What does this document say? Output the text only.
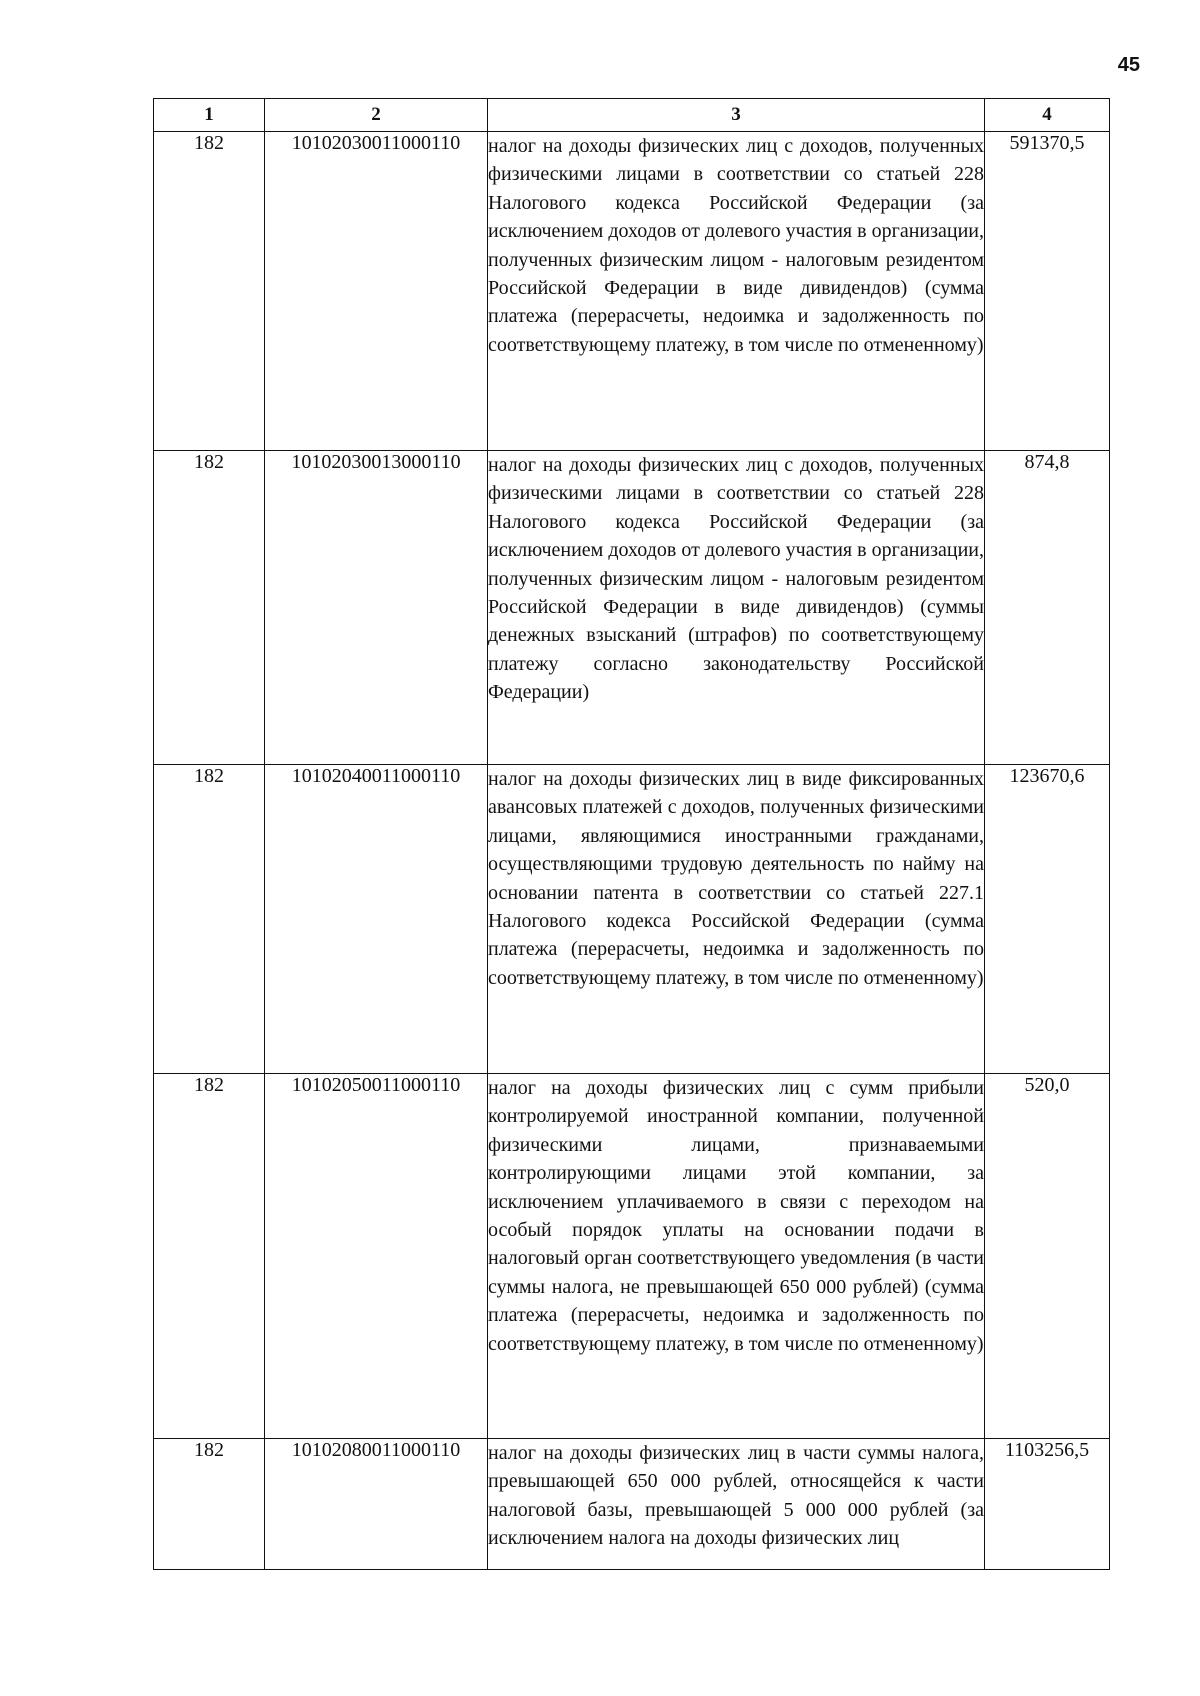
45
1	2	3	4
182	10102030011000110	налог на доходы физических лиц с доходов, полученных физическими лицами в соответствии со статьей 228 Налогового кодекса Российской Федерации (за исключением доходов от долевого участия в организации, полученных физическим лицом - налоговым резидентом Российской Федерации в виде дивидендов) (сумма платежа (перерасчеты, недоимка и задолженность по соответствующему платежу, в том числе по отмененному)	591370,5
182	10102030013000110	налог на доходы физических лиц с доходов, полученных физическими лицами в соответствии со статьей 228 Налогового кодекса Российской Федерации (за исключением доходов от долевого участия в организации, полученных физическим лицом - налоговым резидентом Российской Федерации в виде дивидендов) (суммы денежных взысканий (штрафов) по соответствующему платежу согласно законодательству Российской Федерации)	874,8
182	10102040011000110	налог на доходы физических лиц в виде фиксированных авансовых платежей с доходов, полученных физическими лицами, являющимися иностранными гражданами, осуществляющими трудовую деятельность по найму на основании патента в соответствии со статьей 227.1 Налогового кодекса Российской Федерации (сумма платежа (перерасчеты, недоимка и задолженность по соответствующему платежу, в том числе по отмененному)	123670,6
182	10102050011000110	налог на доходы физических лиц с сумм прибыли контролируемой иностранной компании, полученной физическими лицами, признаваемыми контролирующими лицами этой компании, за исключением уплачиваемого в связи с переходом на особый порядок уплаты на основании подачи в налоговый орган соответствующего уведомления (в части суммы налога, не превышающей 650 000 рублей) (сумма платежа (перерасчеты, недоимка и задолженность по соответствующему платежу, в том числе по отмененному)	520,0
182	10102080011000110	налог на доходы физических лиц в части суммы налога, превышающей 650 000 рублей, относящейся к части налоговой базы, превышающей 5 000 000 рублей (за исключением налога на доходы физических лиц	1103256,5
